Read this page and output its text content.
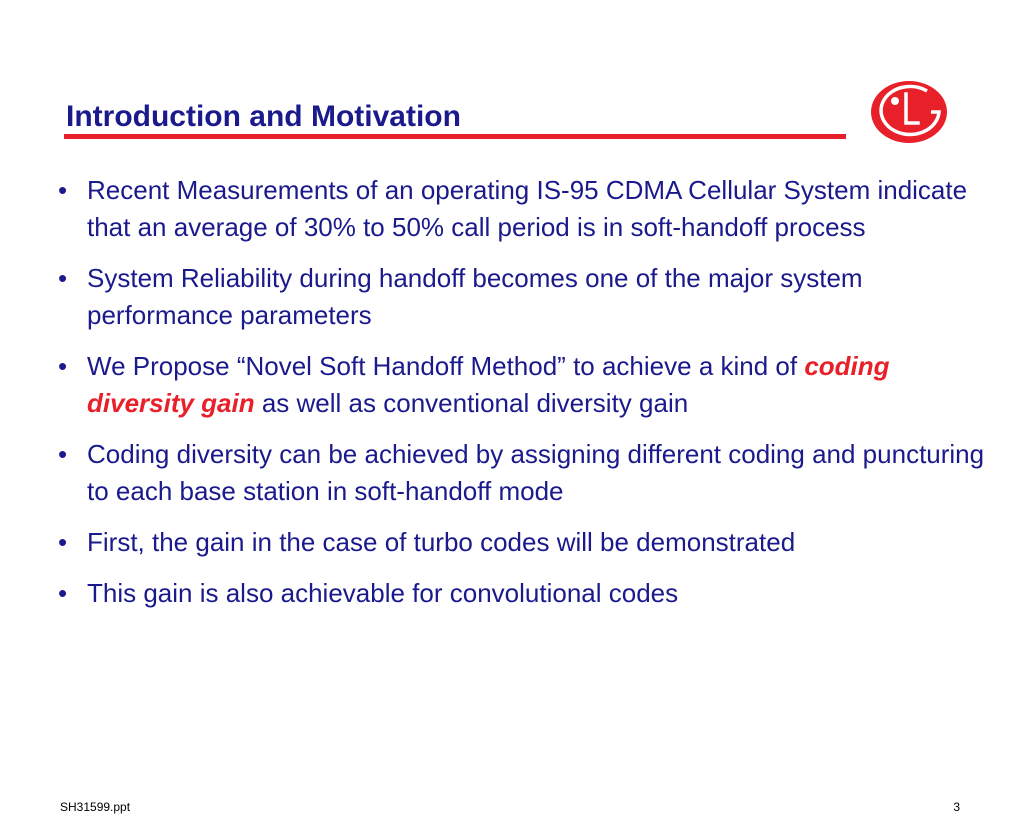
Introduction and Motivation
• Recent Measurements of an operating IS-95 CDMA Cellular System indicate that an average of 30% to 50% call period is in soft-handoff process
• System Reliability during handoff becomes one of the major system performance parameters
• We Propose “Novel Soft Handoff Method” to achieve a kind of coding diversity gain as well as conventional diversity gain
• Coding diversity can be achieved by assigning different coding and puncturing to each base station in soft-handoff mode
• First, the gain in the case of turbo codes will be demonstrated
• This gain is also achievable for convolutional codes
SH31599.ppt	3
